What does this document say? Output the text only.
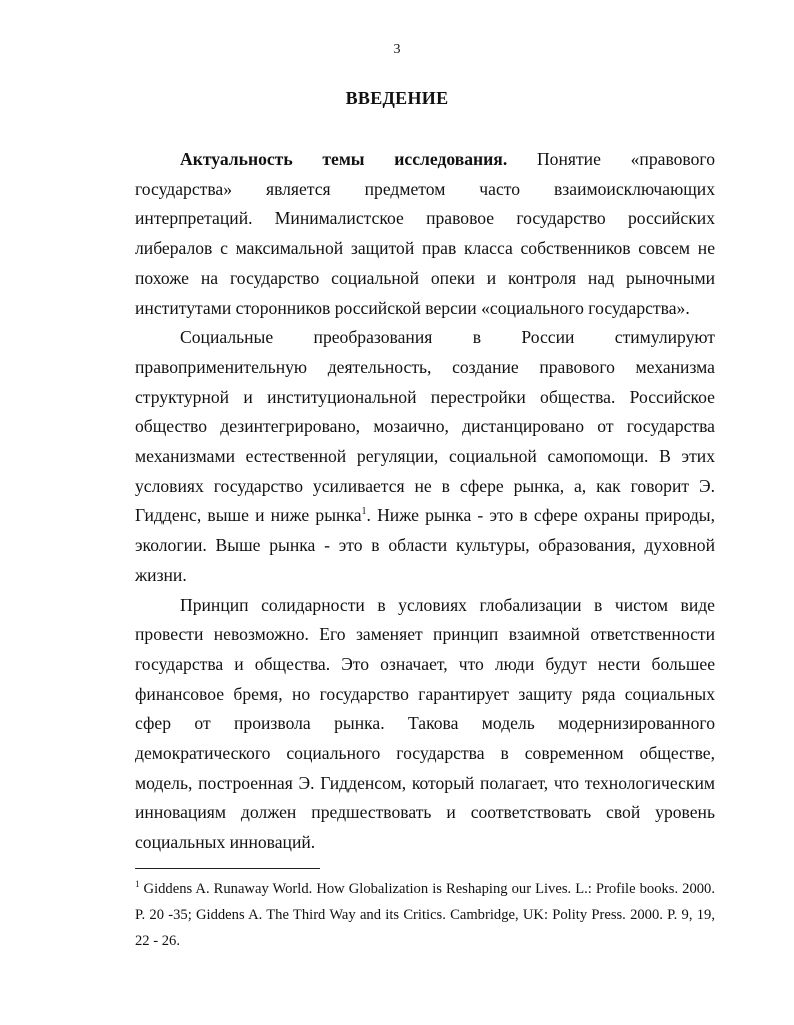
3
ВВЕДЕНИЕ

Актуальность темы исследования. Понятие «правового государства» является предметом часто взаимоисключающих интерпретаций. Минималистское правовое государство российских либералов с максимальной защитой прав класса собственников совсем не похоже на государство социальной опеки и контроля над рыночными институтами сторонников российской версии «социального государства».

Социальные преобразования в России стимулируют правоприменительную деятельность, создание правового механизма структурной и институциональной перестройки общества. Российское общество дезинтегрировано, мозаично, дистанцировано от государства механизмами естественной регуляции, социальной самопомощи. В этих условиях государство усиливается не в сфере рынка, а, как говорит Э. Гидденс, выше и ниже рынка$^1$. Ниже рынка - это в сфере охраны природы, экологии. Выше рынка - это в области культуры, образования, духовной жизни.

Принцип солидарности в условиях глобализации в чистом виде провести невозможно. Его заменяет принцип взаимной ответственности государства и общества. Это означает, что люди будут нести большее финансовое бремя, но государство гарантирует защиту ряда социальных сфер от произвола рынка. Такова модель модернизированного демократического социального государства в современном обществе, модель, построенная Э. Гидденсом, который полагает, что технологическим инновациям должен предшествовать и соответствовать свой уровень социальных инноваций.

$^1$ Giddens A. Runaway World. How Globalization is Reshaping our Lives. L.: Profile books. 2000. P. 20 -35; Giddens A. The Third Way and its Critics. Cambridge, UK: Polity Press. 2000. P. 9, 19, 22 - 26.
